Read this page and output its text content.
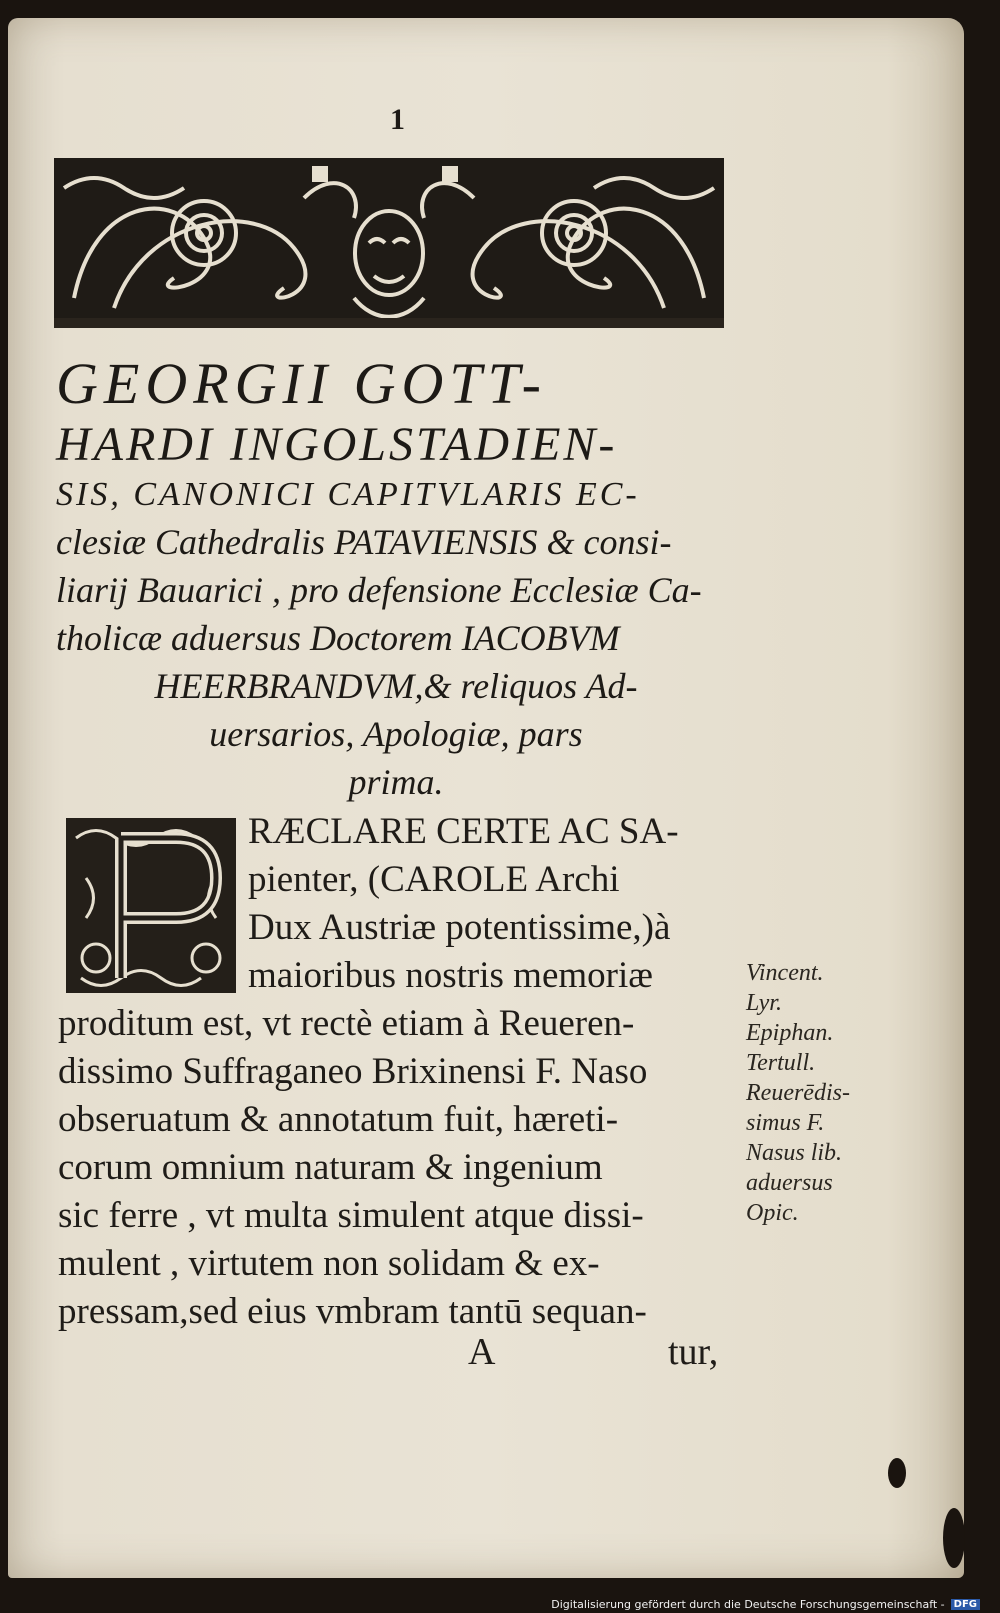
1
GEORGII GOTT-
HARDI INGOLSTADIEN-
SIS, CANONICI CAPITVLARIS EC-
clesiæ Cathedralis PATAVIENSIS & consi-
liarij Bauarici , pro defensione Ecclesiæ Ca-
tholicæ aduersus Doctorem IACOBVM
HEERBRANDVM,& reliquos Ad-
uersarios, Apologiæ, pars
prima.
RÆCLARE CERTE AC SA-
pienter, (CAROLE Archi
Dux Austriæ potentissime,)à
maioribus nostris memoriæ
proditum est, vt rectè etiam à Reueren-
dissimo Suffraganeo Brixinensi F. Naso
obseruatum & annotatum fuit, hæreti-
corum omnium naturam & ingenium
sic ferre , vt multa simulent atque dissi-
mulent , virtutem non solidam & ex-
pressam,sed eius vmbram tantū sequan-
A	tur,
Vincent.
Lyr.
Epiphan.
Tertull.
Reuerēdis-
simus F.
Nasus lib.
aduersus
Opic.
Digitalisierung gefördert durch die Deutsche Forschungsgemeinschaft - DFG
